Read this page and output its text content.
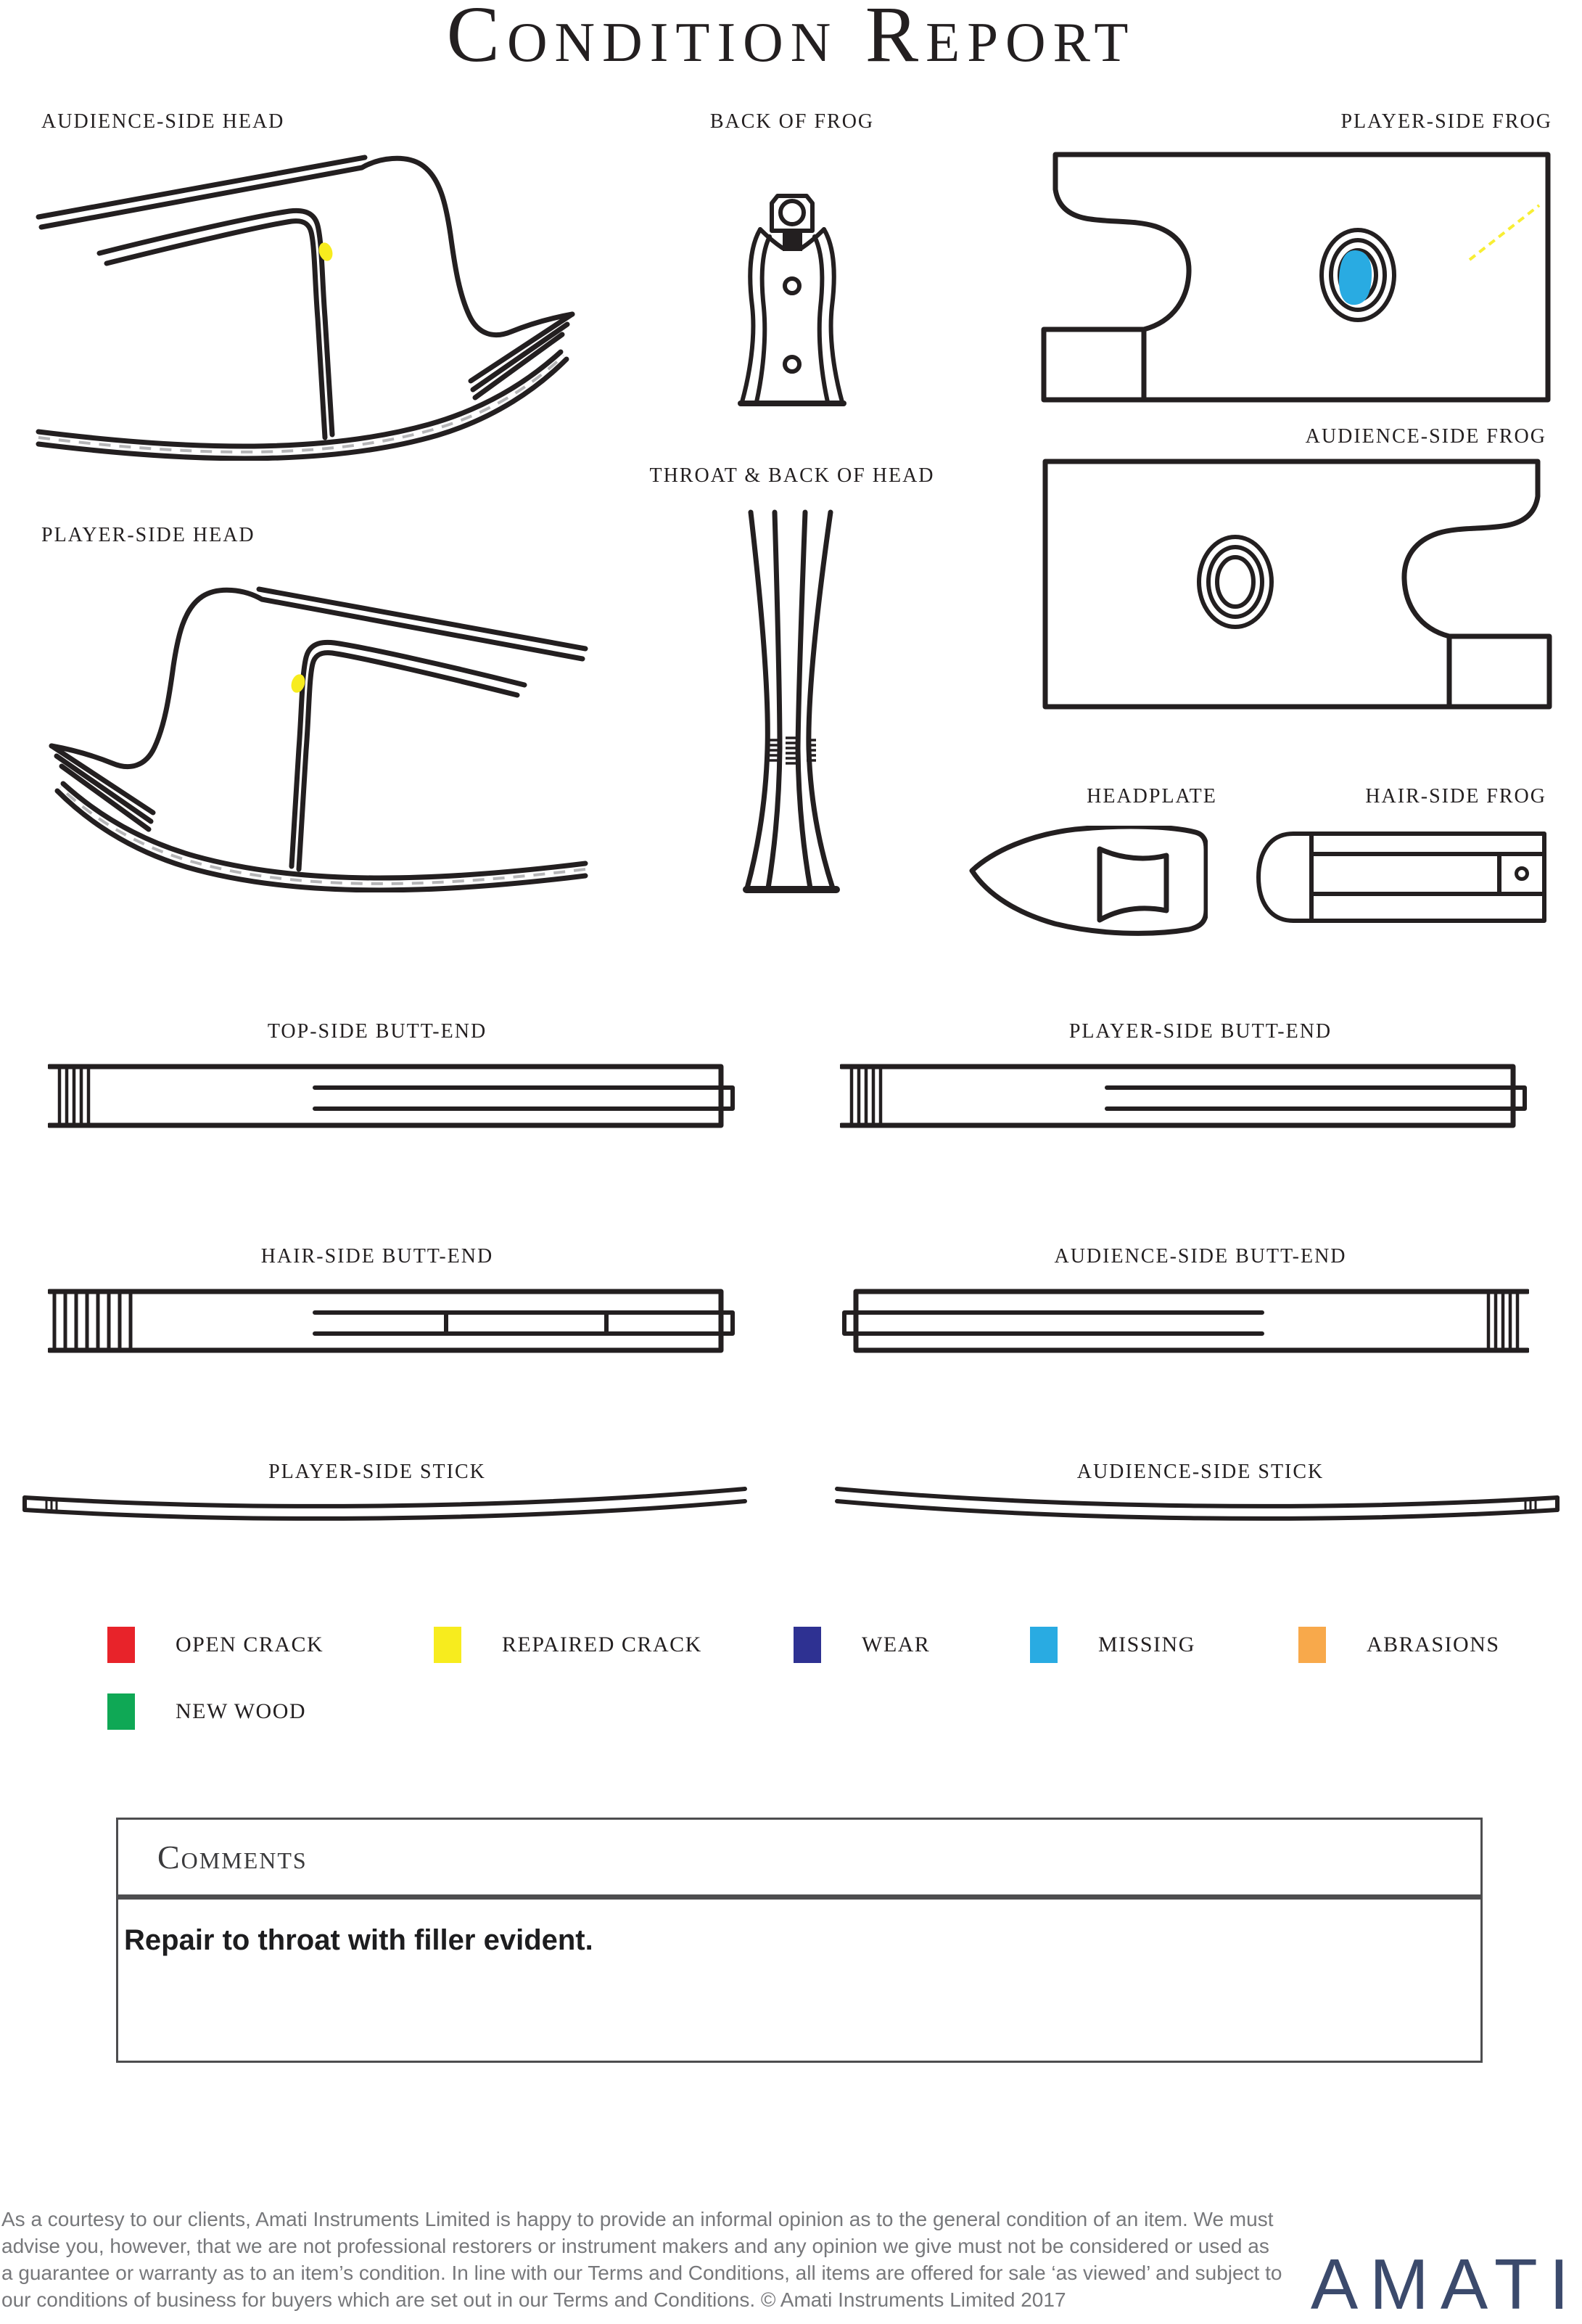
Condition Report
AUDIENCE-SIDE HEAD	BACK OF FROG	PLAYER-SIDE FROG
AUDIENCE-SIDE FROG
PLAYER-SIDE HEAD
THROAT & BACK OF HEAD
HEADPLATE	HAIR-SIDE FROG
TOP-SIDE BUTT-END	PLAYER-SIDE BUTT-END
HAIR-SIDE BUTT-END	AUDIENCE-SIDE BUTT-END
PLAYER-SIDE STICK	AUDIENCE-SIDE STICK
OPEN CRACK	REPAIRED CRACK	WEAR	MISSING	ABRASIONS
NEW WOOD
Comments
Repair to throat with filler evident.
As a courtesy to our clients, Amati Instruments Limited is happy to provide an informal opinion as to the general condition of an item. We must
advise you, however, that we are not professional restorers or instrument makers and any opinion we give must not be considered or used as
a guarantee or warranty as to an item’s condition. In line with our Terms and Conditions, all items are offered for sale ‘as viewed’ and subject to
our conditions of business for buyers which are set out in our Terms and Conditions. © Amati Instruments Limited 2017	AMATI
